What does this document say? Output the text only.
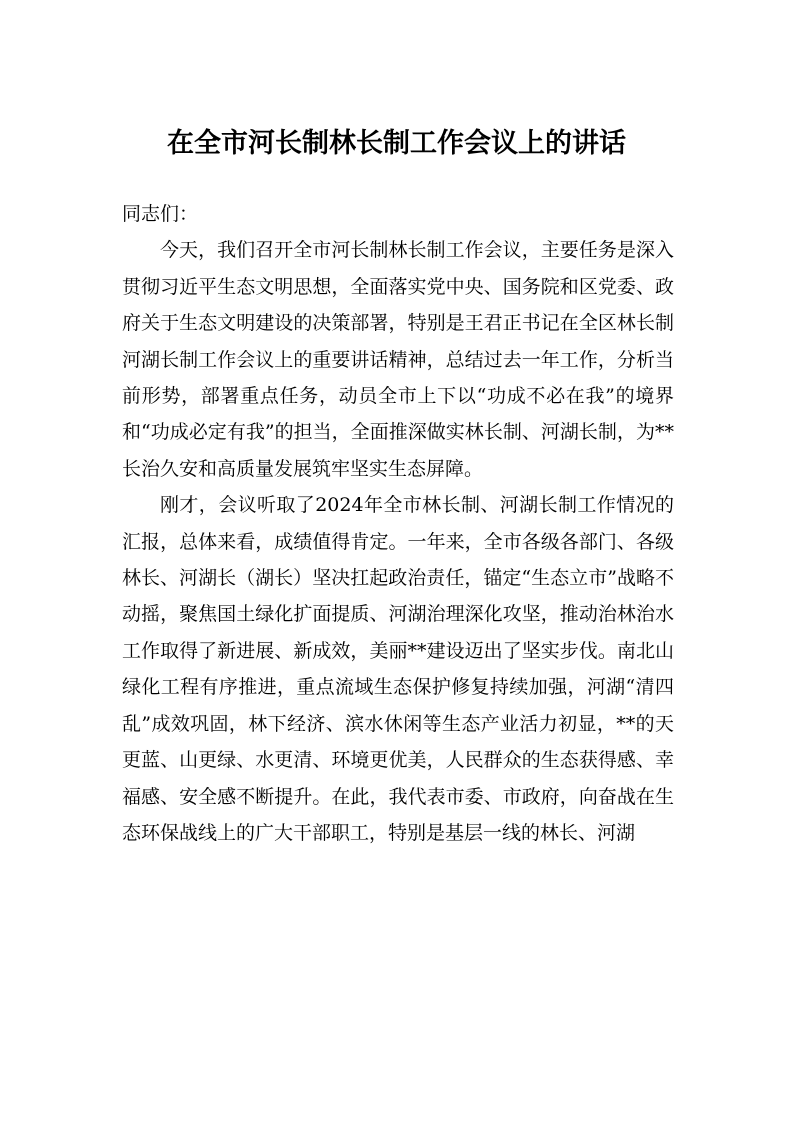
在全市河长制林长制工作会议上的讲话

同志们：

今天，我们召开全市河长制林长制工作会议，主要任务是深入贯彻习近平生态文明思想，全面落实党中央、国务院和区党委、政府关于生态文明建设的决策部署，特别是王君正书记在全区林长制河湖长制工作会议上的重要讲话精神，总结过去一年工作，分析当前形势，部署重点任务，动员全市上下以“功成不必在我”的境界和“功成必定有我”的担当，全面推深做实林长制、河湖长制，为**长治久安和高质量发展筑牢坚实生态屏障。

刚才，会议听取了2024年全市林长制、河湖长制工作情况的汇报，总体来看，成绩值得肯定。一年来，全市各级各部门、各级林长、河湖长（湖长）坚决扛起政治责任，锚定“生态立市”战略不动摇，聚焦国土绿化扩面提质、河湖治理深化攻坚，推动治林治水工作取得了新进展、新成效，美丽**建设迈出了坚实步伐。南北山绿化工程有序推进，重点流域生态保护修复持续加强，河湖“清四乱”成效巩固，林下经济、滨水休闲等生态产业活力初显，**的天更蓝、山更绿、水更清、环境更优美，人民群众的生态获得感、幸福感、安全感不断提升。在此，我代表市委、市政府，向奋战在生态环保战线上的广大干部职工，特别是基层一线的林长、河湖
